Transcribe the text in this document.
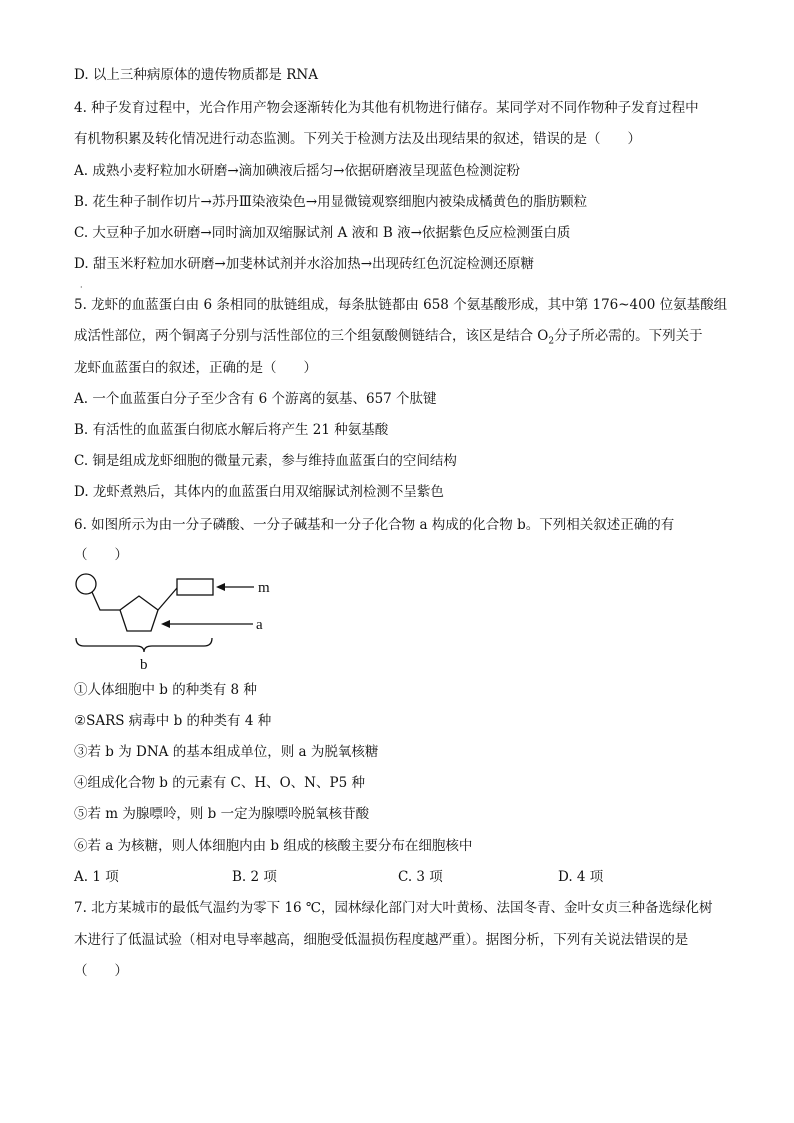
D. 以上三种病原体的遗传物质都是 RNA
4. 种子发育过程中，光合作用产物会逐渐转化为其他有机物进行储存。某同学对不同作物种子发育过程中
有机物积累及转化情况进行动态监测。下列关于检测方法及出现结果的叙述，错误的是（　　）
A. 成熟小麦籽粒加水研磨→滴加碘液后摇匀→依据研磨液呈现蓝色检测淀粉
B. 花生种子制作切片→苏丹Ⅲ染液染色→用显微镜观察细胞内被染成橘黄色的脂肪颗粒
C. 大豆种子加水研磨→同时滴加双缩脲试剂 A 液和 B 液→依据紫色反应检测蛋白质
D. 甜玉米籽粒加水研磨→加斐林试剂并水浴加热→出现砖红色沉淀检测还原糖
·
5. 龙虾的血蓝蛋白由 6 条相同的肽链组成，每条肽链都由 658 个氨基酸形成，其中第 176~400 位氨基酸组
成活性部位，两个铜离子分别与活性部位的三个组氨酸侧链结合，该区是结合 $O_2$分子所必需的。下列关于
龙虾血蓝蛋白的叙述，正确的是（　　）
A. 一个血蓝蛋白分子至少含有 6 个游离的氨基、657 个肽键
B. 有活性的血蓝蛋白彻底水解后将产生 21 种氨基酸
C. 铜是组成龙虾细胞的微量元素，参与维持血蓝蛋白的空间结构
D. 龙虾煮熟后，其体内的血蓝蛋白用双缩脲试剂检测不呈紫色
6. 如图所示为由一分子磷酸、一分子碱基和一分子化合物 a 构成的化合物 b。下列相关叙述正确的有
（　　）
m
a
b
①人体细胞中 b 的种类有 8 种
②SARS 病毒中 b 的种类有 4 种
③若 b 为 DNA 的基本组成单位，则 a 为脱氧核糖
④组成化合物 b 的元素有 C、H、O、N、P5 种
⑤若 m 为腺嘌呤，则 b 一定为腺嘌呤脱氧核苷酸
⑥若 a 为核糖，则人体细胞内由 b 组成的核酸主要分布在细胞核中
A. 1 项	B. 2 项	C. 3 项	D. 4 项
7. 北方某城市的最低气温约为零下 16 ℃，园林绿化部门对大叶黄杨、法国冬青、金叶女贞三种备选绿化树
木进行了低温试验（相对电导率越高，细胞受低温损伤程度越严重）。据图分析，下列有关说法错误的是
（　　）
